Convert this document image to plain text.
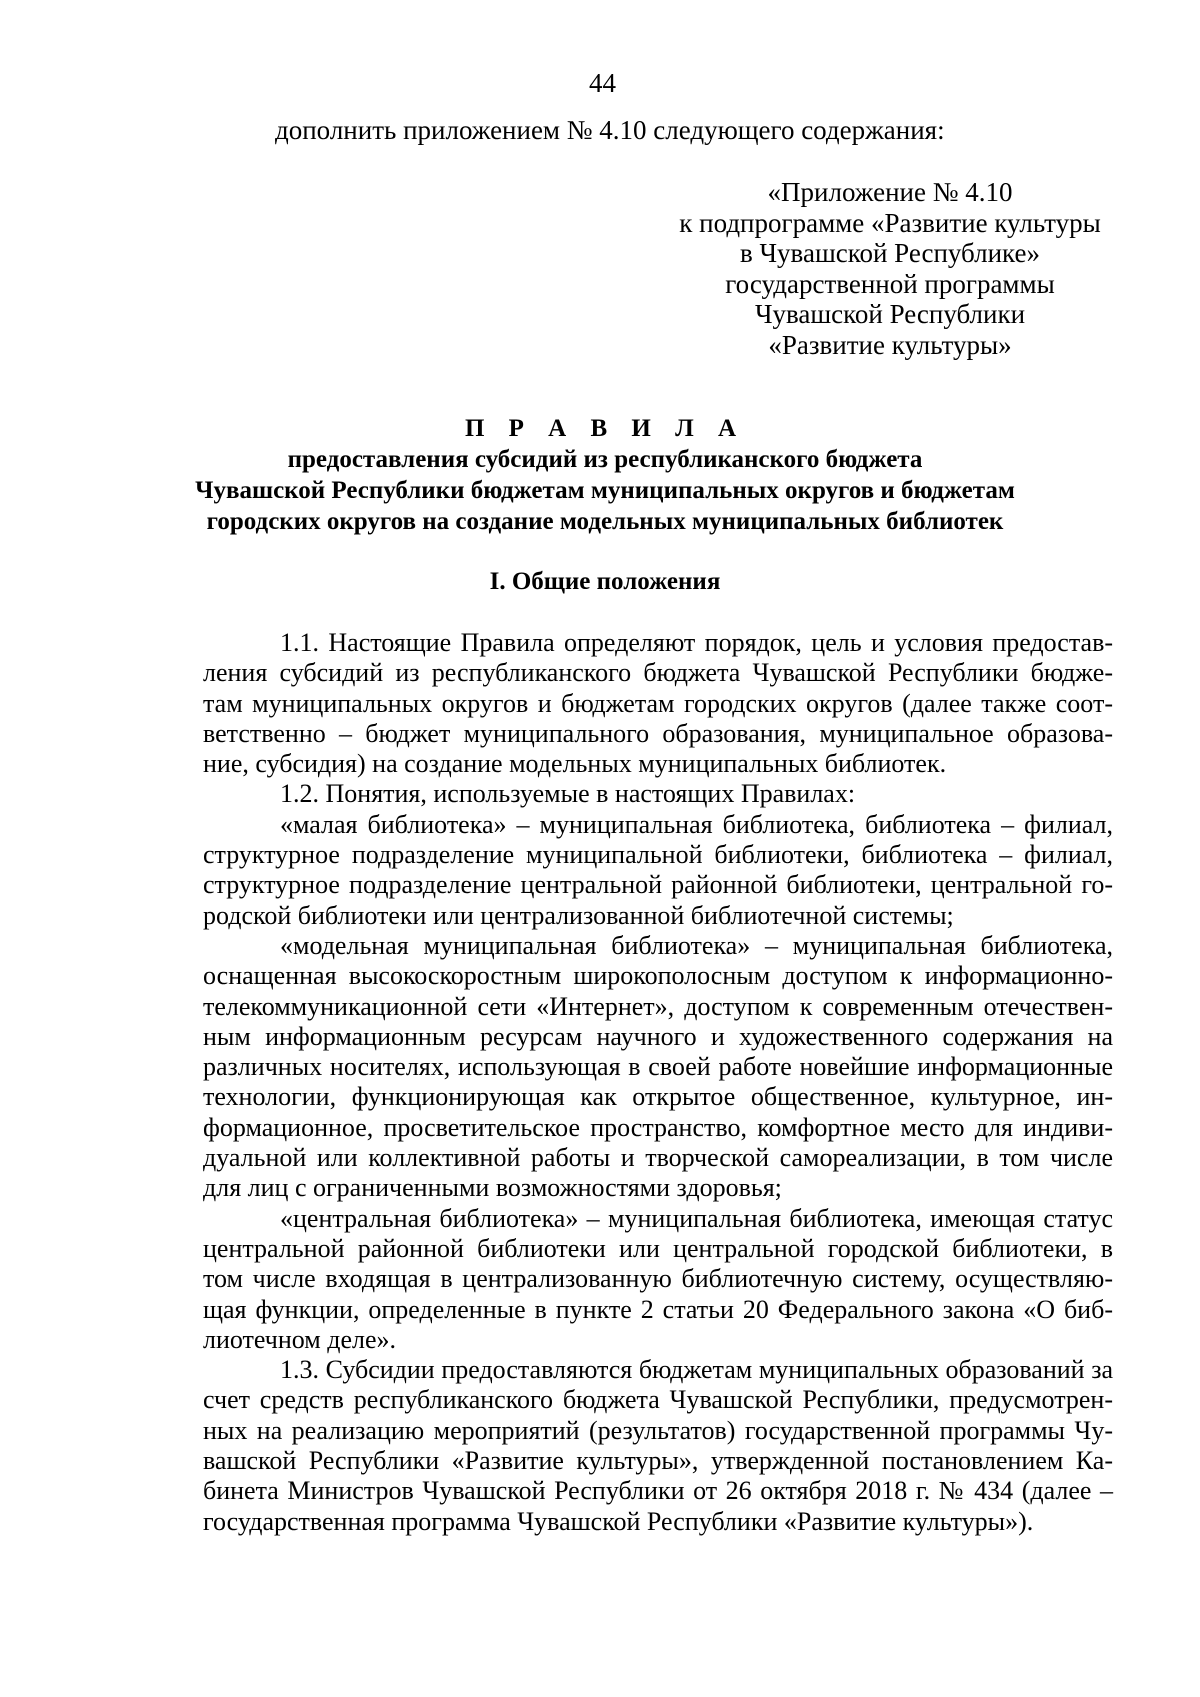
44
дополнить приложением № 4.10 следующего содержания:
«Приложение № 4.10
к подпрограмме «Развитие культуры
в Чувашской Республике»
государственной программы
Чувашской Республики
«Развитие культуры»
П Р А В И Л А
предоставления субсидий из республиканского бюджета
Чувашской Республики бюджетам муниципальных округов и бюджетам
городских округов на создание модельных муниципальных библиотек
I. Общие положения
1.1. Настоящие Правила определяют порядок, цель и условия предостав-
ления субсидий из республиканского бюджета Чувашской Республики бюдже-
там муниципальных округов и бюджетам городских округов (далее также соот-
ветственно – бюджет муниципального образования, муниципальное образова-
ние, субсидия) на создание модельных муниципальных библиотек.
1.2. Понятия, используемые в настоящих Правилах:
«малая библиотека» – муниципальная библиотека, библиотека – филиал,
структурное подразделение муниципальной библиотеки, библиотека – филиал,
структурное подразделение центральной районной библиотеки, центральной го-
родской библиотеки или централизованной библиотечной системы;
«модельная муниципальная библиотека» – муниципальная библиотека,
оснащенная высокоскоростным широкополосным доступом к информационно-
телекоммуникационной сети «Интернет», доступом к современным отечествен-
ным информационным ресурсам научного и художественного содержания на
различных носителях, использующая в своей работе новейшие информационные
технологии, функционирующая как открытое общественное, культурное, ин-
формационное, просветительское пространство, комфортное место для индиви-
дуальной или коллективной работы и творческой самореализации, в том числе
для лиц с ограниченными возможностями здоровья;
«центральная библиотека» – муниципальная библиотека, имеющая статус
центральной районной библиотеки или центральной городской библиотеки, в
том числе входящая в централизованную библиотечную систему, осуществляю-
щая функции, определенные в пункте 2 статьи 20 Федерального закона «О биб-
лиотечном деле».
1.3. Субсидии предоставляются бюджетам муниципальных образований за
счет средств республиканского бюджета Чувашской Республики, предусмотрен-
ных на реализацию мероприятий (результатов) государственной программы Чу-
вашской Республики «Развитие культуры», утвержденной постановлением Ка-
бинета Министров Чувашской Республики от 26 октября 2018 г. № 434 (далее –
государственная программа Чувашской Республики «Развитие культуры»).
